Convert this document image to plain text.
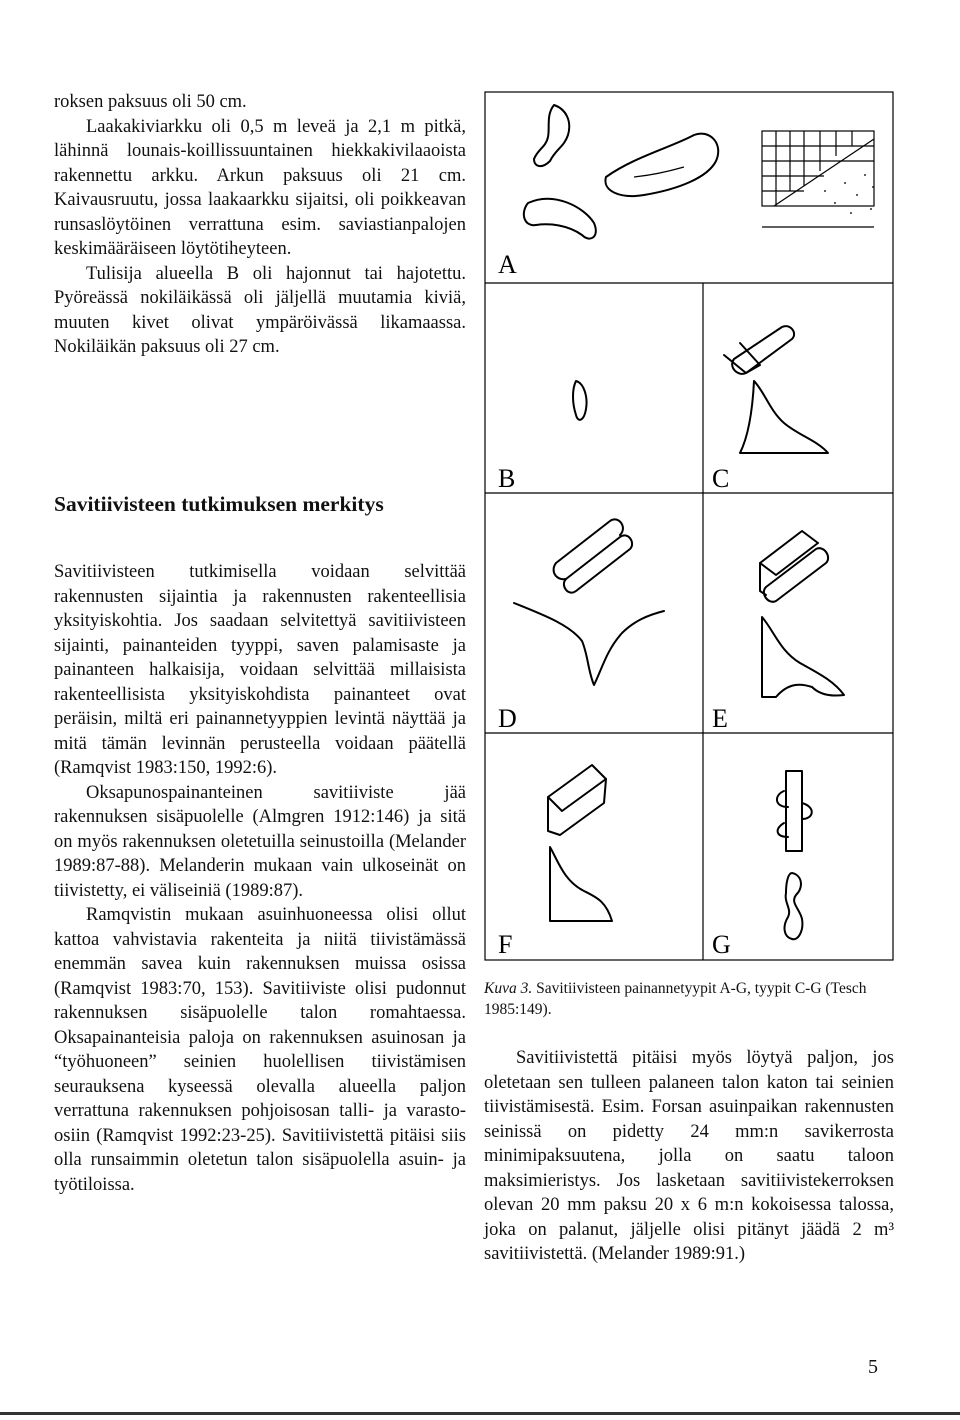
roksen paksuus oli 50 cm.

Laakakiviarkku oli 0,5 m leveä ja 2,1 m pitkä, lähinnä lounais-koillissuuntainen hiekkakivilaaoista rakennettu arkku. Arkun paksuus oli 21 cm. Kaivausruutu, jossa laakaarkku sijaitsi, oli poikkeavan runsaslöytöinen verrattuna esim. saviastianpalojen keskimääräiseen löytötiheyteen.

Tulisija alueella B oli hajonnut tai hajotettu. Pyöreässä nokiläikässä oli jäljellä muutamia kiviä, muuten kivet olivat ympäröivässä likamaassa. Nokiläikän paksuus oli 27 cm.

Savitiivisteen tutkimuksen merkitys

Savitiivisteen tutkimisella voidaan selvittää rakennusten sijaintia ja rakennusten rakenteellisia yksityiskohtia. Jos saadaan selvitettyä savitiivisteen sijainti, painanteiden tyyppi, saven palamisaste ja painanteen halkaisija, voidaan selvittää millaisista rakenteellisista yksityiskohdista painanteet ovat peräisin, miltä eri painannetyyppien levintä näyttää ja mitä tämän levinnän perusteella voidaan päätellä (Ramqvist 1983:150, 1992:6).

Oksapunospainanteinen savitiiviste jää rakennuksen sisäpuolelle (Almgren 1912:146) ja sitä on myös rakennuksen oletetuilla seinustoilla (Melander 1989:87-88). Melanderin mukaan vain ulkoseinät on tiivistetty, ei väliseiniä (1989:87).

Ramqvistin mukaan asuinhuoneessa olisi ollut kattoa vahvistavia rakenteita ja niitä tiivistämässä enemmän savea kuin rakennuksen muissa osissa (Ramqvist 1983:70, 153). Savitiiviste olisi pudonnut rakennuksen sisäpuolelle talon romahtaessa. Oksapainanteisia paloja on rakennuksen asuinosan ja “työhuoneen” seinien huolellisen tiivistämisen seurauksena kyseessä olevalla alueella paljon verrattuna rakennuksen pohjoisosan talli- ja varasto-osiin (Ramqvist 1992:23-25). Savitiivistettä pitäisi siis olla runsaimmin oletetun talon sisäpuolella asuin- ja työtiloissa.

A
B	C
D	E
F	G
Kuva 3. Savitiivisteen painannetyypit A-G, tyypit C-G (Tesch 1985:149).

Savitiivistettä pitäisi myös löytyä paljon, jos oletetaan sen tulleen palaneen talon katon tai seinien tiivistämisestä. Esim. Forsan asuinpaikan rakennusten seinissä on pidetty 24 mm:n savikerrosta minimipaksuutena, jolla on saatu taloon maksimieristys. Jos lasketaan savitiivistekerroksen olevan 20 mm paksu 20 x 6 m:n kokoisessa talossa, joka on palanut, jäljelle olisi pitänyt jäädä 2 m³ savitiivistettä. (Melander 1989:91.)

5
